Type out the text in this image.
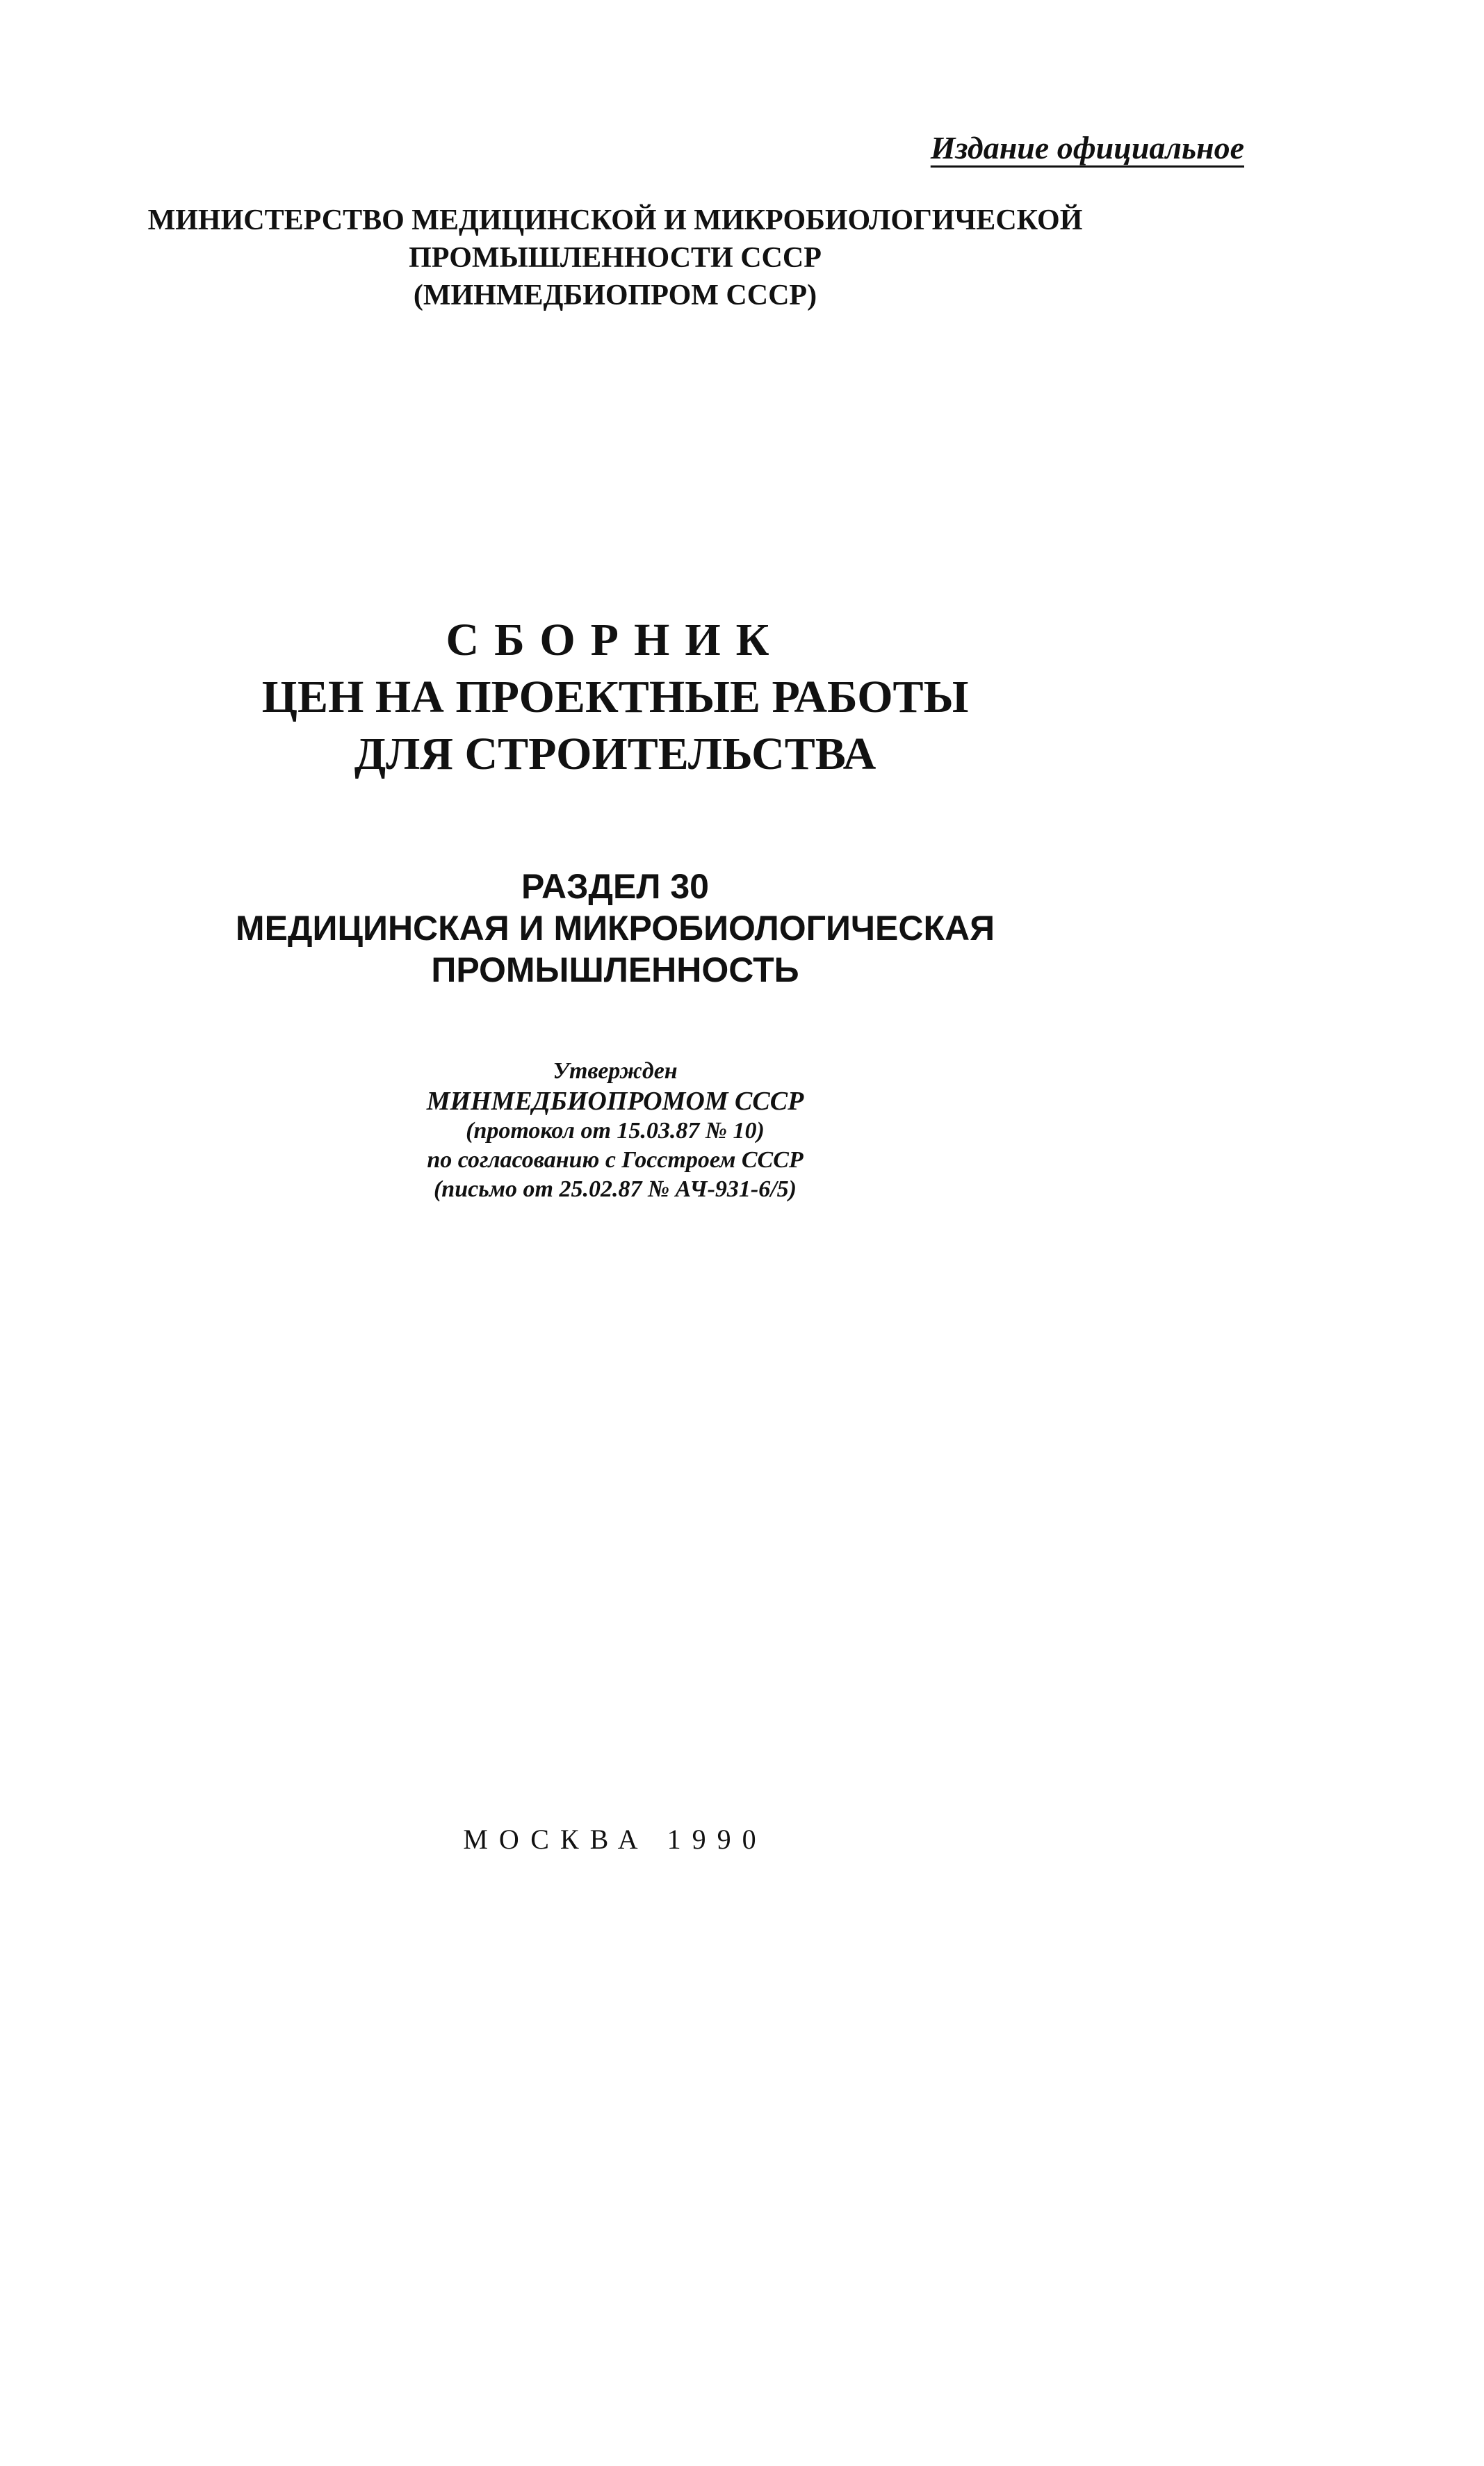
Издание официальное
МИНИСТЕРСТВО МЕДИЦИНСКОЙ И МИКРОБИОЛОГИЧЕСКОЙ
ПРОМЫШЛЕННОСТИ СССР
(МИНМЕДБИОПРОМ СССР)
СБОРНИК
ЦЕН НА ПРОЕКТНЫЕ РАБОТЫ
ДЛЯ СТРОИТЕЛЬСТВА
РАЗДЕЛ 30
МЕДИЦИНСКАЯ И МИКРОБИОЛОГИЧЕСКАЯ
ПРОМЫШЛЕННОСТЬ
Утвержден
МИНМЕДБИОПРОМОМ СССР
(протокол от 15.03.87 № 10)
по согласованию с Госстроем СССР
(письмо от 25.02.87 № АЧ-931-6/5)
МОСКВА 1990
